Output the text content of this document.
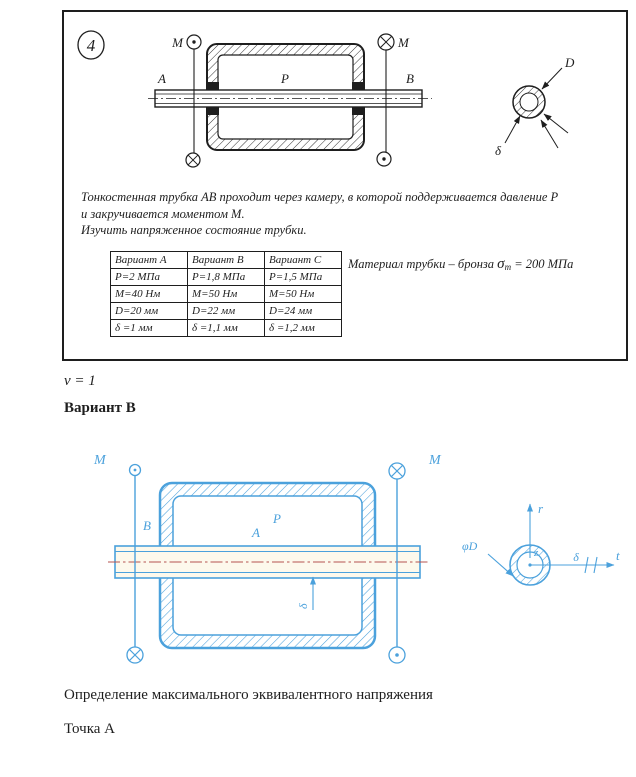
4	М	М
А	В
Р
D
δ
Тонкостенная трубка АВ проходит через камеру, в которой поддерживается давление Р
и закручивается моментом М.
Изучить напряженное состояние трубки.
Вариант A	Вариант B	Вариант C
P=2 МПа	P=1,8 МПа	P=1,5 МПа
M=40 Нм	M=50 Нм	M=50 Нм
D=20 мм	D=22 мм	D=24 мм
δ =1 мм	δ =1,1 мм	δ =1,2 мм
Материал трубки – бронза σт = 200 МПа
ν = 1
Вариант В
М	М
В	А
Р
δ
r
t
z
φD
δ
Определение максимального эквивалентного напряжения
Точка А
